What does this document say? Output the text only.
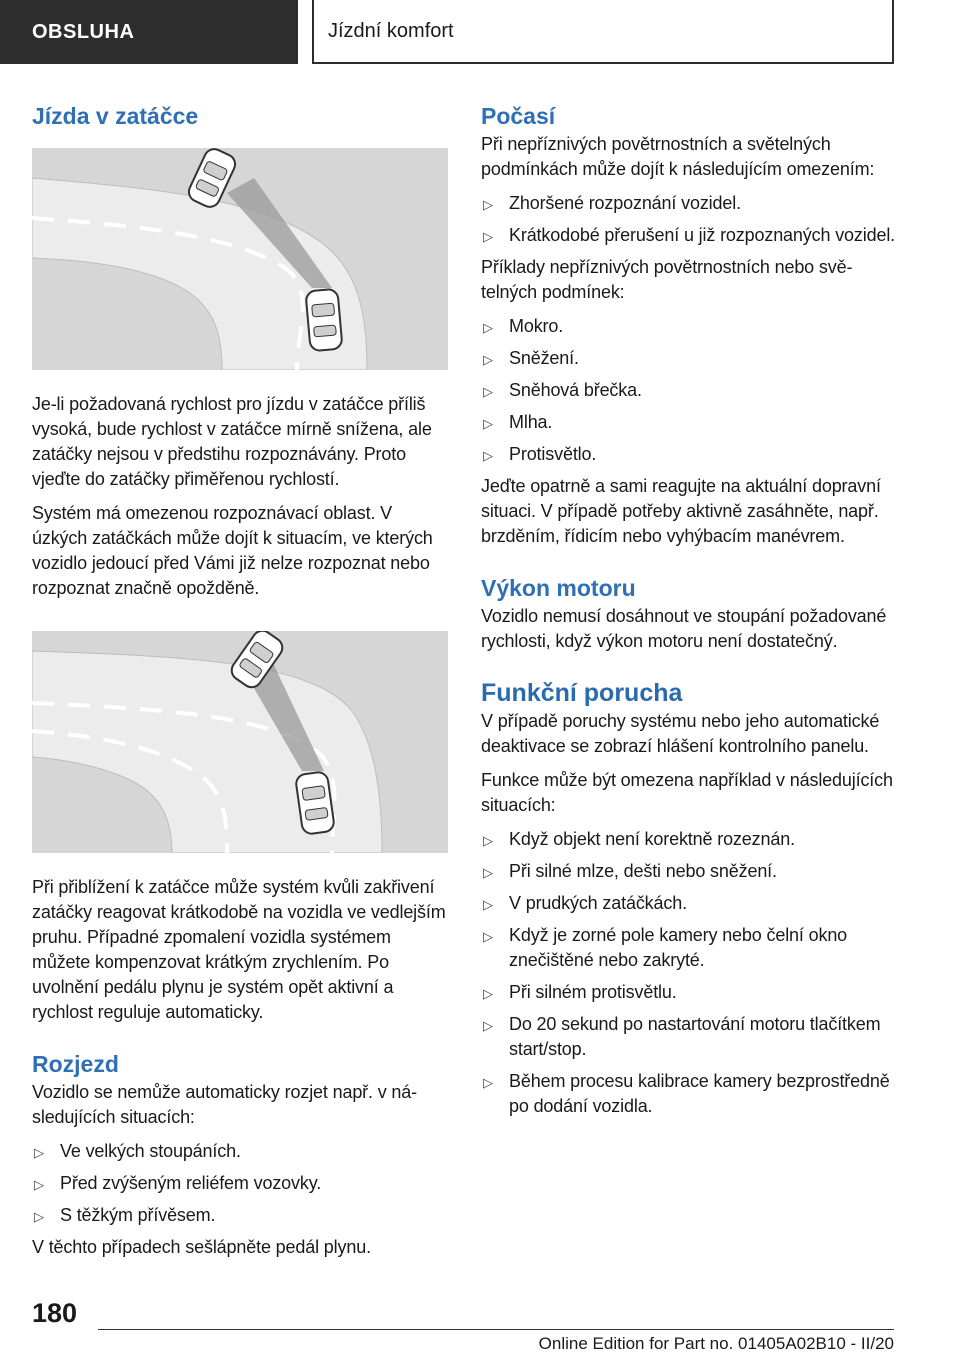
OBSLUHA	Jízdní komfort
Jízda v zatáčce

Je-li požadovaná rychlost pro jízdu v zatáčce příliš vysoká, bude rychlost v zatáčce mírně snížena, ale zatáčky nejsou v předstihu rozpoznávány. Proto vjeďte do zatáčky přiměřenou rychlostí.

Systém má omezenou rozpoznávací oblast. V úzkých zatáčkách může dojít k situacím, ve kterých vozidlo jedoucí před Vámi již nelze rozpoznat nebo rozpoznat značně opožděně.

Při přiblížení k zatáčce může systém kvůli zakřivení zatáčky reagovat krátkodobě na vozidla ve vedlejším pruhu. Případné zpomalení vozidla systémem můžete kompenzovat krátkým zrychlením. Po uvolnění pedálu plynu je systém opět aktivní a rychlost reguluje automaticky.

Rozjezd

Vozidlo se nemůže automaticky rozjet např. v následujících situacích:

▷ Ve velkých stoupáních.
▷ Před zvýšeným reliéfem vozovky.
▷ S těžkým přívěsem.

V těchto případech sešlápněte pedál plynu.

Počasí

Při nepříznivých povětrnostních a světelných podmínkách může dojít k následujícím omezením:

▷ Zhoršené rozpoznání vozidel.
▷ Krátkodobé přerušení u již rozpoznaných vozidel.

Příklady nepříznivých povětrnostních nebo světelných podmínek:

▷ Mokro.
▷ Sněžení.
▷ Sněhová břečka.
▷ Mlha.
▷ Protisvětlo.

Jeďte opatrně a sami reagujte na aktuální dopravní situaci. V případě potřeby aktivně zasáhněte, např. brzděním, řídicím nebo vyhýbacím manévrem.

Výkon motoru

Vozidlo nemusí dosáhnout ve stoupání požadované rychlosti, když výkon motoru není dostatečný.

Funkční porucha

V případě poruchy systému nebo jeho automatické deaktivace se zobrazí hlášení kontrolního panelu.

Funkce může být omezena například v následujících situacích:

▷ Když objekt není korektně rozeznán.
▷ Při silné mlze, dešti nebo sněžení.
▷ V prudkých zatáčkách.
▷ Když je zorné pole kamery nebo čelní okno znečištěné nebo zakryté.
▷ Při silném protisvětlu.
▷ Do 20 sekund po nastartování motoru tlačítkem start/stop.
▷ Během procesu kalibrace kamery bezprostředně po dodání vozidla.
180
Online Edition for Part no. 01405A02B10 - II/20
